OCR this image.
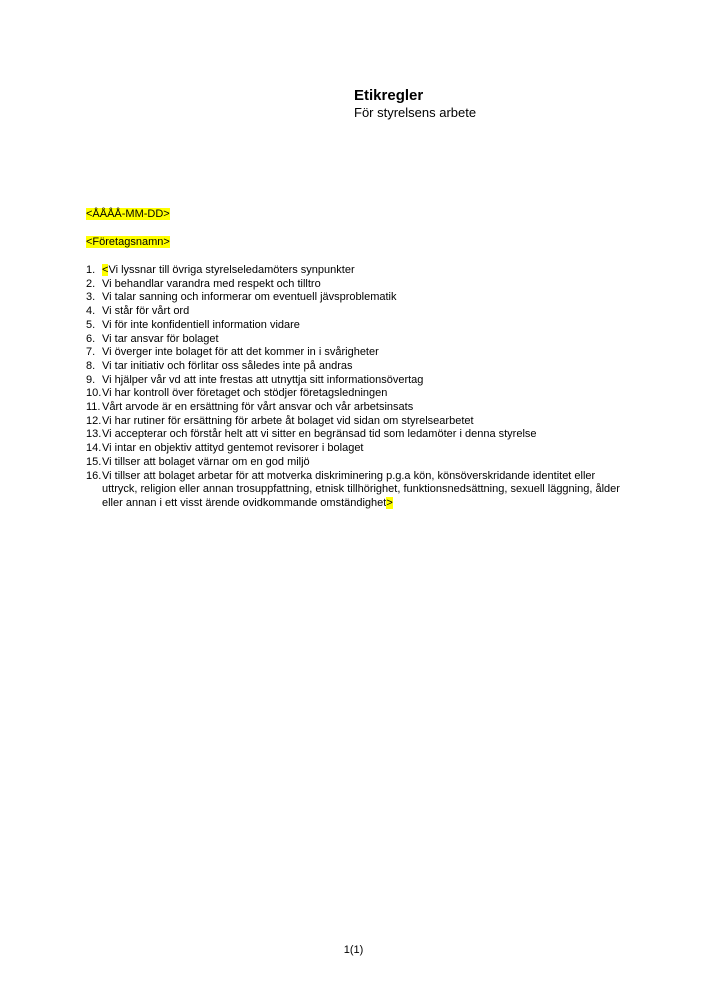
Etikregler
För styrelsens arbete
<ÅÅÅÅ-MM-DD>
<Företagsnamn>
1. <Vi lyssnar till övriga styrelseledamöters synpunkter
2. Vi behandlar varandra med respekt och tilltro
3. Vi talar sanning och informerar om eventuell jävsproblematik
4. Vi står för vårt ord
5. Vi för inte konfidentiell information vidare
6. Vi tar ansvar för bolaget
7. Vi överger inte bolaget för att det kommer in i svårigheter
8. Vi tar initiativ och förlitar oss således inte på andras
9. Vi hjälper vår vd att inte frestas att utnyttja sitt informationsövertag
10. Vi har kontroll över företaget och stödjer företagsledningen
11. Vårt arvode är en ersättning för vårt ansvar och vår arbetsinsats
12. Vi har rutiner för ersättning för arbete åt bolaget vid sidan om styrelsearbetet
13. Vi accepterar och förstår helt att vi sitter en begränsad tid som ledamöter i denna styrelse
14. Vi intar en objektiv attityd gentemot revisorer i bolaget
15. Vi tillser att bolaget värnar om en god miljö
16. Vi tillser att bolaget arbetar för att motverka diskriminering p.g.a kön, könsöverskridande identitet eller uttryck, religion eller annan trosuppfattning, etnisk tillhörighet, funktionsnedsättning, sexuell läggning, ålder eller annan i ett visst ärende ovidkommande omständighet>
1(1)
